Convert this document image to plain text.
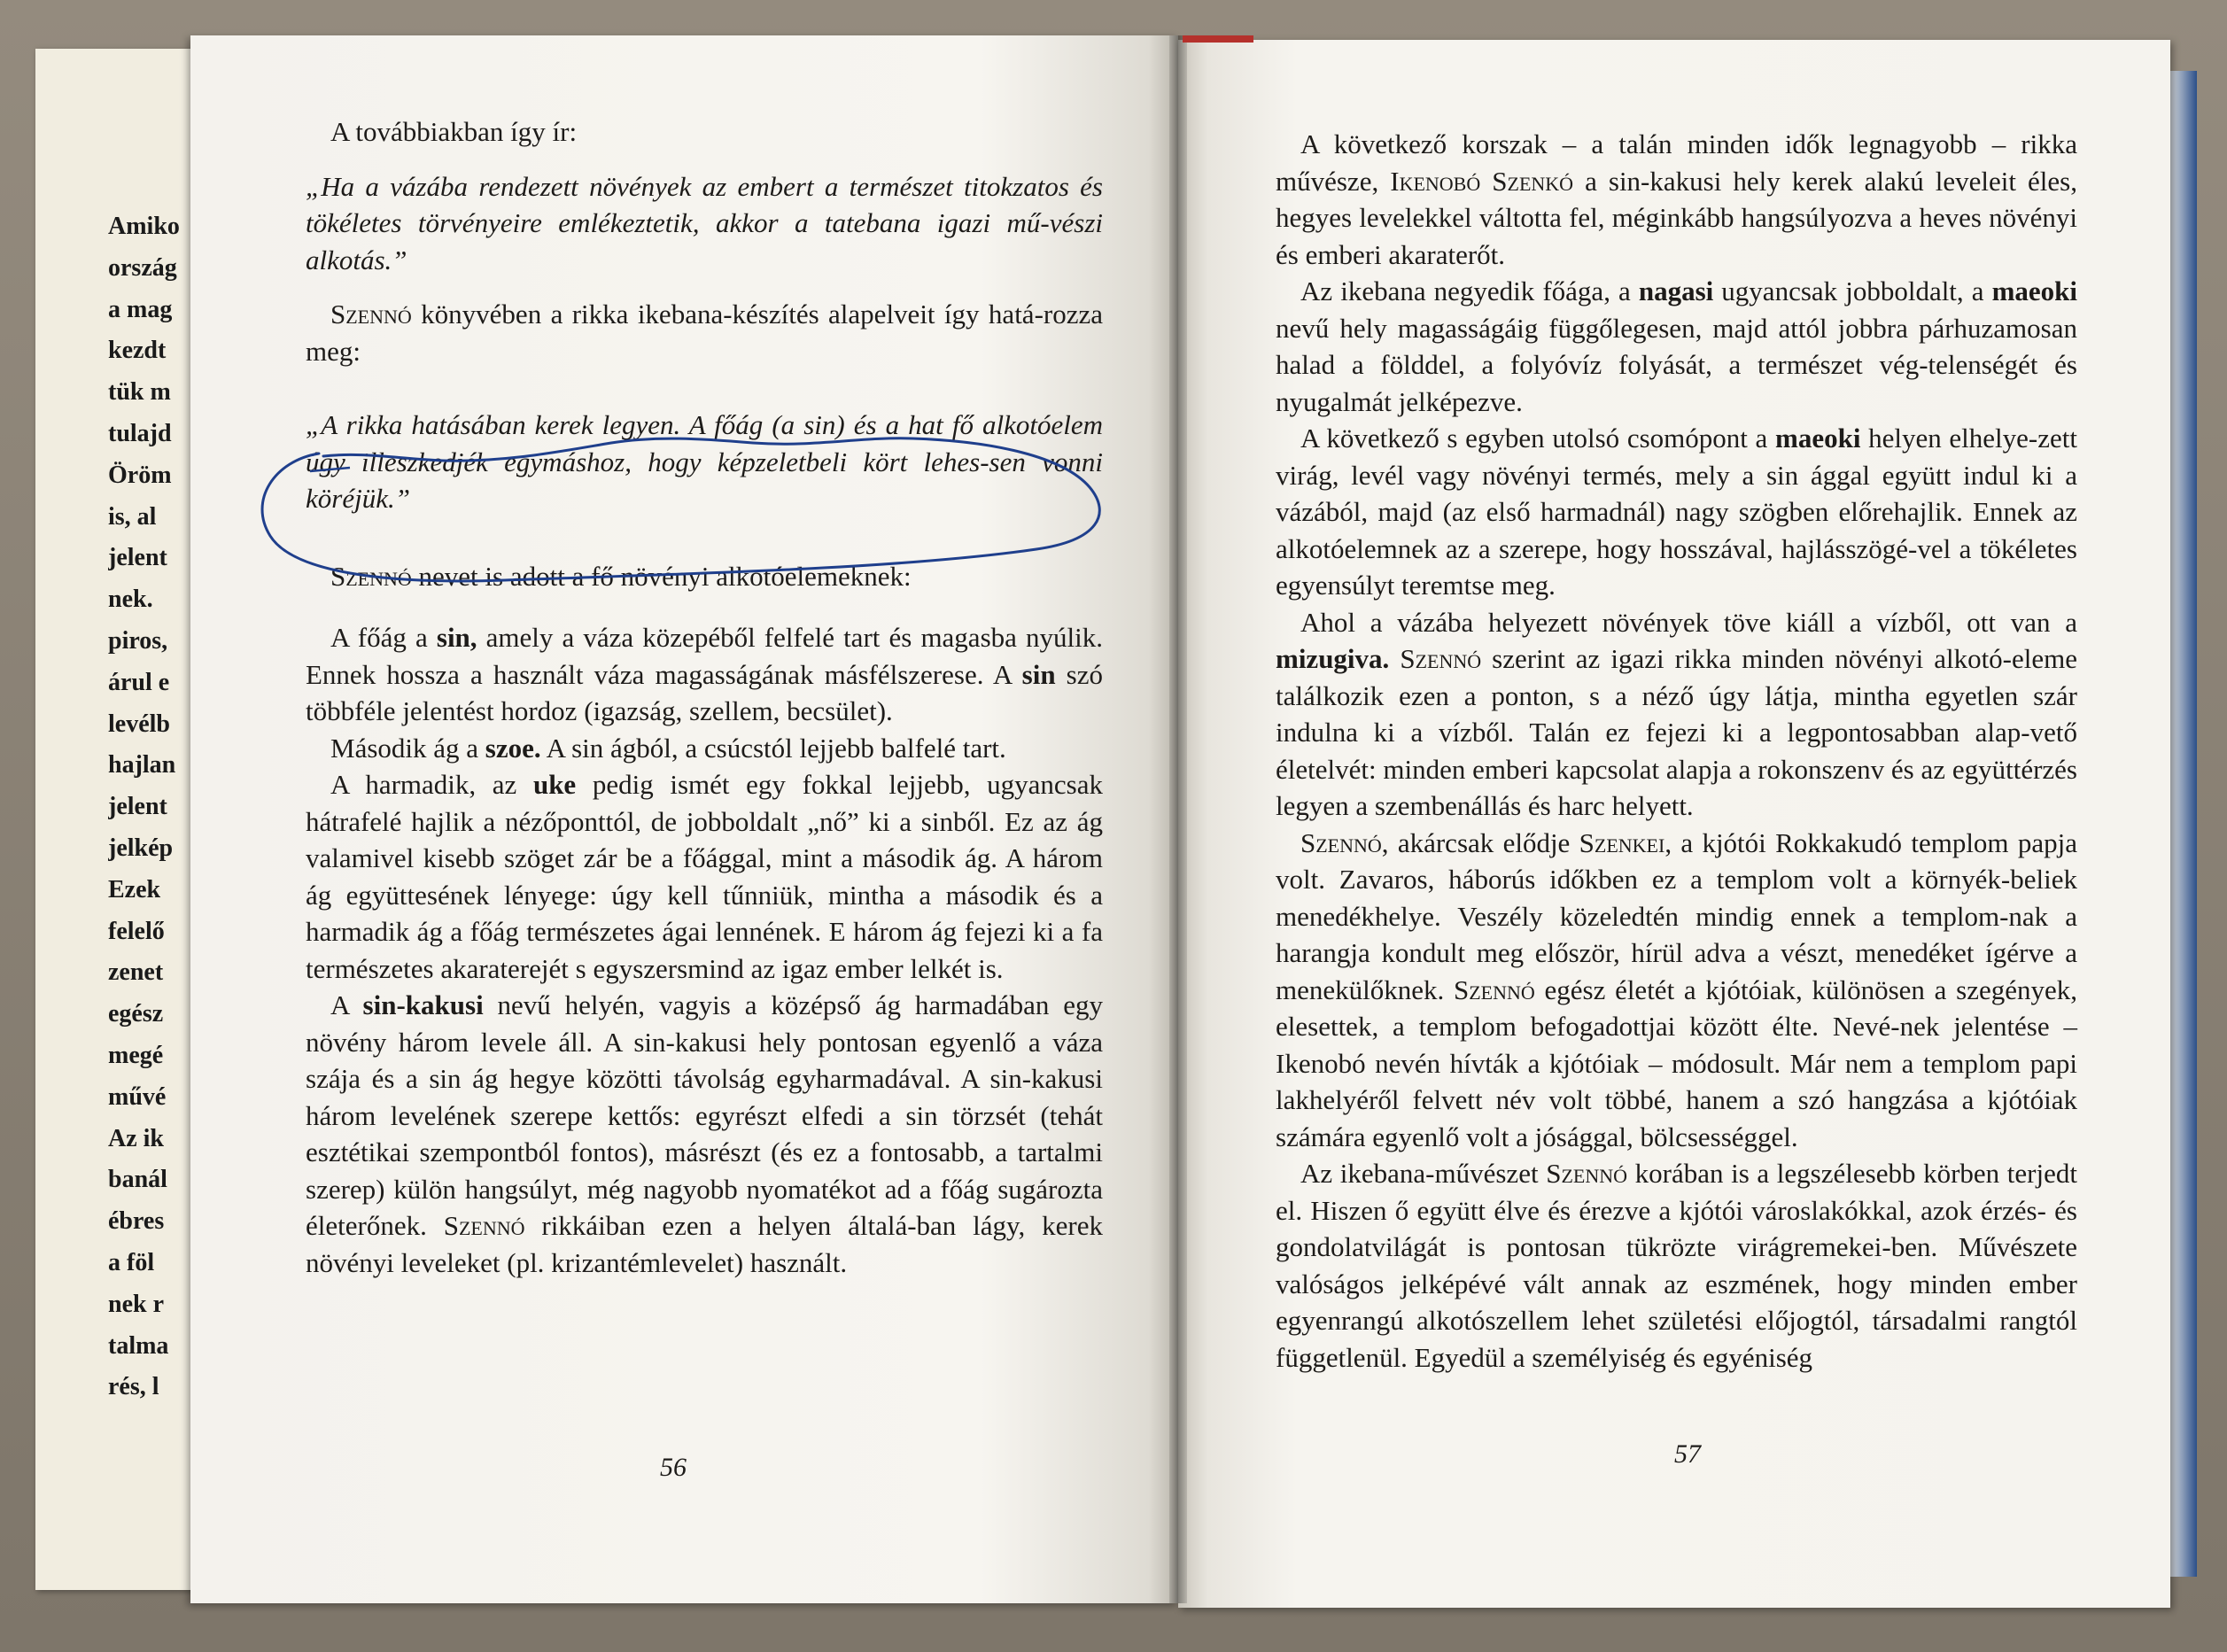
Amiko
ország
a mag
kezdt
tük m
tulajd
Öröm
is, al
jelent
nek.
piros,
árul e
levélb
hajlan
jelent
jelkép
Ezek
felelő
zenet
egész
megé
művé
Az ik
banál
ébres
a föl
nek r
talma
rés, l

A továbbiakban így ír:

„Ha a vázába rendezett növények az embert a természet titokzatos és tökéletes törvényeire emlékeztetik, akkor a tatebana igazi mű-vészi alkotás.”

Szennó könyvében a rikka ikebana-készítés alapelveit így hatá-rozza meg:

„A rikka hatásában kerek legyen. A főág (a sin) és a hat fő alkotóelem úgy illeszkedjék egymáshoz, hogy képzeletbeli kört lehes-sen vonni köréjük.”

Szennó nevet is adott a fő növényi alkotóelemeknek:

A főág a sin, amely a váza közepéből felfelé tart és magasba nyúlik. Ennek hossza a használt váza magasságának másfélszerese. A sin szó többféle jelentést hordoz (igazság, szellem, becsület).

Második ág a szoe. A sin ágból, a csúcstól lejjebb balfelé tart.

A harmadik, az uke pedig ismét egy fokkal lejjebb, ugyancsak hátrafelé hajlik a nézőponttól, de jobboldalt „nő” ki a sinből. Ez az ág valamivel kisebb szöget zár be a főággal, mint a második ág. A három ág együttesének lényege: úgy kell tűnniük, mintha a második és a harmadik ág a főág természetes ágai lennének. E három ág fejezi ki a fa természetes akaraterejét s egyszersmind az igaz ember lelkét is.

A sin-kakusi nevű helyén, vagyis a középső ág harmadában egy növény három levele áll. A sin-kakusi hely pontosan egyenlő a váza szája és a sin ág hegye közötti távolság egyharmadával. A sin-kakusi három levelének szerepe kettős: egyrészt elfedi a sin törzsét (tehát esztétikai szempontból fontos), másrészt (és ez a fontosabb, a tartalmi szerep) külön hangsúlyt, még nagyobb nyomatékot ad a főág sugározta életerőnek. Szennó rikkáiban ezen a helyen általá-ban lágy, kerek növényi leveleket (pl. krizantémlevelet) használt.

56

A következő korszak – a talán minden idők legnagyobb – rikka művésze, Ikenobó Szenkó a sin-kakusi hely kerek alakú leveleit éles, hegyes levelekkel váltotta fel, méginkább hangsúlyozva a heves növényi és emberi akaraterőt.

Az ikebana negyedik főága, a nagasi ugyancsak jobboldalt, a maeoki nevű hely magasságáig függőlegesen, majd attól jobbra párhuzamosan halad a földdel, a folyóvíz folyását, a természet vég-telenségét és nyugalmát jelképezve.

A következő s egyben utolsó csomópont a maeoki helyen elhelye-zett virág, levél vagy növényi termés, mely a sin ággal együtt indul ki a vázából, majd (az első harmadnál) nagy szögben előrehajlik. Ennek az alkotóelemnek az a szerepe, hogy hosszával, hajlásszögé-vel a tökéletes egyensúlyt teremtse meg.

Ahol a vázába helyezett növények töve kiáll a vízből, ott van a mizugiva. Szennó szerint az igazi rikka minden növényi alkotó-eleme találkozik ezen a ponton, s a néző úgy látja, mintha egyetlen szár indulna ki a vízből. Talán ez fejezi ki a legpontosabban alap-vető életelvét: minden emberi kapcsolat alapja a rokonszenv és az együttérzés legyen a szembenállás és harc helyett.

Szennó, akárcsak elődje Szenkei, a kjótói Rokkakudó templom papja volt. Zavaros, háborús időkben ez a templom volt a környék-beliek menedékhelye. Veszély közeledtén mindig ennek a templom-nak a harangja kondult meg először, hírül adva a vészt, menedéket ígérve a menekülőknek. Szennó egész életét a kjótóiak, különösen a szegények, elesettek, a templom befogadottjai között élte. Nevé-nek jelentése – Ikenobó nevén hívták a kjótóiak – módosult. Már nem a templom papi lakhelyéről felvett név volt többé, hanem a szó hangzása a kjótóiak számára egyenlő volt a jósággal, bölcsességgel.

Az ikebana-művészet Szennó korában is a legszélesebb körben terjedt el. Hiszen ő együtt élve és érezve a kjótói városlakókkal, azok érzés- és gondolatvilágát is pontosan tükrözte virágremekei-ben. Művészete valóságos jelképévé vált annak az eszmének, hogy minden ember egyenrangú alkotószellem lehet születési előjogtól, társadalmi rangtól függetlenül. Egyedül a személyiség és egyéniség

57
